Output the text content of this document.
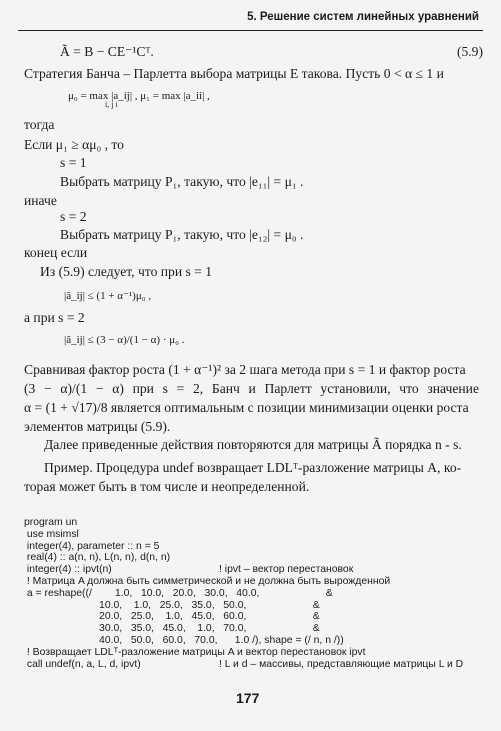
5. Решение систем линейных уравнений
Ã = B − CE⁻¹Cᵀ.	(5.9)
Стратегия Банча – Парлетта выбора матрицы E такова. Пусть 0 < α ≤ 1 и
μ₀ = max |a_ij| , μ₁ = max |a_ii| ,
i, j i
тогда
Если μ₁ ≥ αμ₀ , то
s = 1
Выбрать матрицу P₁, такую, что |e₁₁| = μ₁ .
иначе
s = 2
Выбрать матрицу P₁, такую, что |e₁₂| = μ₀ .
конец если
Из (5.9) следует, что при s = 1
|ã_ij| ≤ (1 + α⁻¹)μ₀ ,
а при s = 2
|ã_ij| ≤ (3 − α)/(1 − α) · μ₀ .
Сравнивая фактор роста (1 + α⁻¹)² за 2 шага метода при s = 1 и фактор роста
(3 − α)/(1 − α) при s = 2, Банч и Парлетт установили, что значение
α = (1 + √17)/8 является оптимальным с позиции минимизации оценки роста
элементов матрицы (5.9).
Далее приведенные действия повторяются для матрицы Ã порядка n - s.
Пример. Процедура undef возвращает LDLᵀ-разложение матрицы A, ко-
торая может быть в том числе и неопределенной.
program un
use msimsl
integer(4), parameter :: n = 5
real(4) :: a(n, n), L(n, n), d(n, n)
integer(4) :: ipvt(n)	! ipvt – вектор перестановок
! Матрица A должна быть симметрической и не должна быть вырожденной
a = reshape((/        1.0,   10.0,   20.0,   30.0,   40.0,                       &
10.0,    1.0,   25.0,   35.0,   50.0,                       &
20.0,   25.0,    1.0,   45.0,   60.0,                       &
30.0,   35.0,   45.0,    1.0,   70.0,                       &
40.0,   50.0,   60.0,   70.0,      1.0 /), shape = (/ n, n /))
! Возвращает LDLᵀ-разложение матрицы A и вектор перестановок ipvt
call undef(n, a, L, d, ipvt)	! L и d – массивы, представляющие матрицы L и D
177
